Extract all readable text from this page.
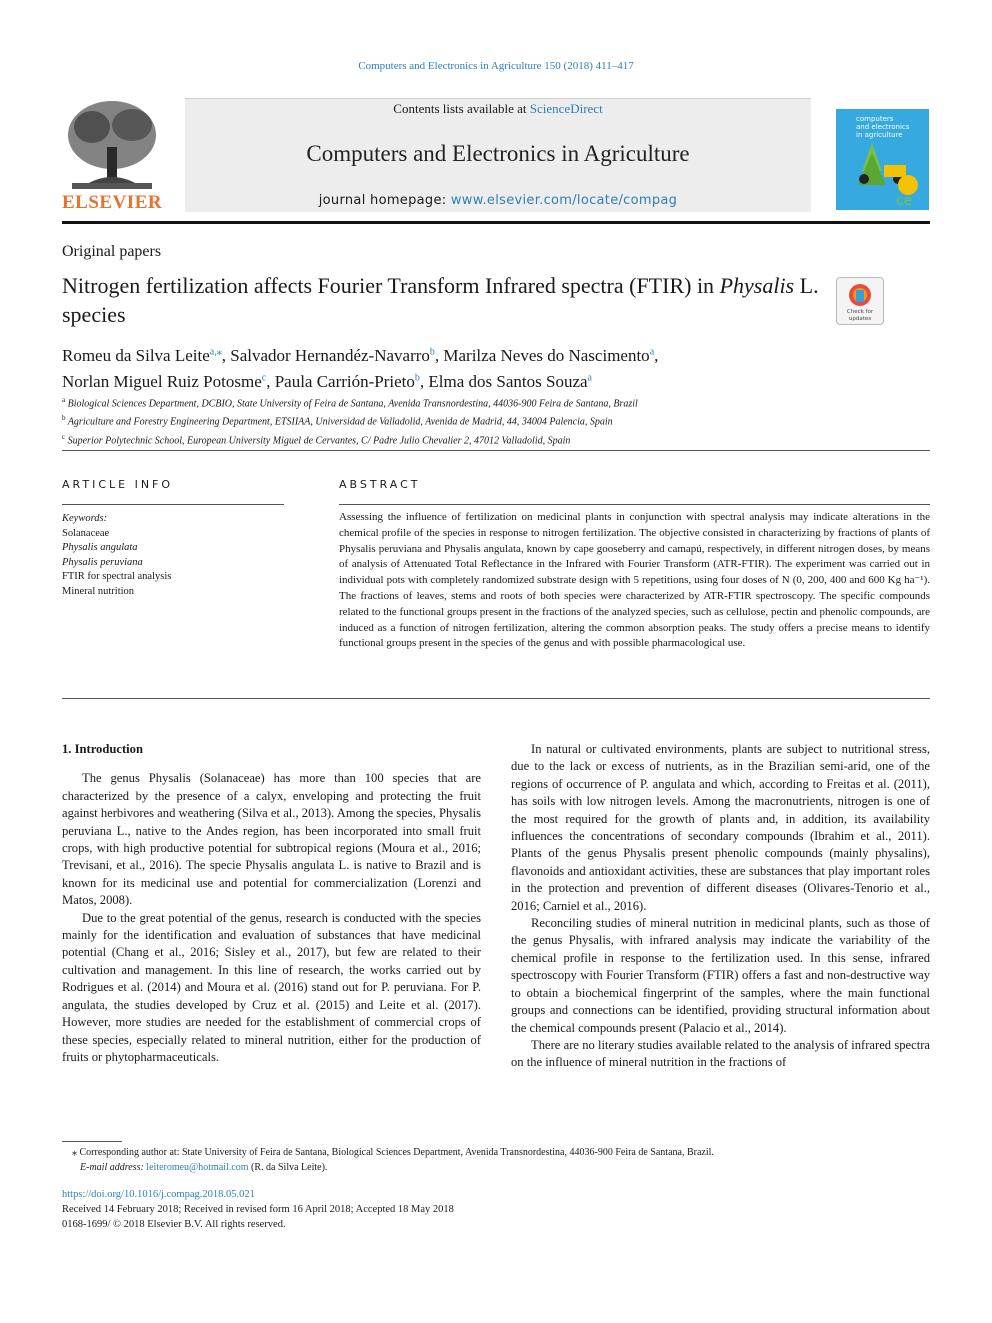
Computers and Electronics in Agriculture 150 (2018) 411–417
ELSEVIER
Contents lists available at ScienceDirect
Computers and Electronics in Agriculture
journal homepage: www.elsevier.com/locate/compag
computers
and electronics
in agriculture
ce
Original papers
Nitrogen fertilization affects Fourier Transform Infrared spectra (FTIR) in Physalis L. species	Check for
updates
Romeu da Silva Leite$^{a,⁎}$, Salvador Hernandéz-Navarro$^b$, Marilza Neves do Nascimento$^a$,
Norlan Miguel Ruiz Potosme$^c$, Paula Carrión-Prieto$^b$, Elma dos Santos Souza$^a$
$^a$ Biological Sciences Department, DCBIO, State University of Feira de Santana, Avenida Transnordestina, 44036-900 Feira de Santana, Brazil
$^b$ Agriculture and Forestry Engineering Department, ETSIIAA, Universidad de Valladolid, Avenida de Madrid, 44, 34004 Palencia, Spain
$^c$ Superior Polytechnic School, European University Miguel de Cervantes, C/ Padre Julio Chevalier 2, 47012 Valladolid, Spain
ARTICLE INFO
Keywords:
Solanaceae
Physalis angulata
Physalis peruviana
FTIR for spectral analysis
Mineral nutrition
ABSTRACT
Assessing the influence of fertilization on medicinal plants in conjunction with spectral analysis may indicate alterations in the chemical profile of the species in response to nitrogen fertilization. The objective consisted in characterizing by fractions of plants of Physalis peruviana and Physalis angulata, known by cape gooseberry and camapú, respectively, in different nitrogen doses, by means of analysis of Attenuated Total Reflectance in the Infrared with Fourier Transform (ATR-FTIR). The experiment was carried out in individual pots with completely randomized substrate design with 5 repetitions, using four doses of N (0, 200, 400 and 600 Kg ha⁻¹). The fractions of leaves, stems and roots of both species were characterized by ATR-FTIR spectroscopy. The specific compounds related to the functional groups present in the fractions of the analyzed species, such as cellulose, pectin and phenolic compounds, are induced as a function of nitrogen fertilization, altering the common absorption peaks. The study offers a precise means to identify functional groups present in the species of the genus and with possible pharmacological use.

1. Introduction

The genus Physalis (Solanaceae) has more than 100 species that are characterized by the presence of a calyx, enveloping and protecting the fruit against herbivores and weathering (Silva et al., 2013). Among the species, Physalis peruviana L., native to the Andes region, has been incorporated into small fruit crops, with high productive potential for subtropical regions (Moura et al., 2016; Trevisani, et al., 2016). The specie Physalis angulata L. is native to Brazil and is known for its medicinal use and potential for commercialization (Lorenzi and Matos, 2008).

Due to the great potential of the genus, research is conducted with the species mainly for the identification and evaluation of substances that have medicinal potential (Chang et al., 2016; Sisley et al., 2017), but few are related to their cultivation and management. In this line of research, the works carried out by Rodrigues et al. (2014) and Moura et al. (2016) stand out for P. peruviana. For P. angulata, the studies developed by Cruz et al. (2015) and Leite et al. (2017). However, more studies are needed for the establishment of commercial crops of these species, especially related to mineral nutrition, either for the production of fruits or phytopharmaceuticals.

In natural or cultivated environments, plants are subject to nutritional stress, due to the lack or excess of nutrients, as in the Brazilian semi-arid, one of the regions of occurrence of P. angulata and which, according to Freitas et al. (2011), has soils with low nitrogen levels. Among the macronutrients, nitrogen is one of the most required for the growth of plants and, in addition, its availability influences the concentrations of secondary compounds (Ibrahim et al., 2011). Plants of the genus Physalis present phenolic compounds (mainly physalins), flavonoids and antioxidant activities, these are substances that play important roles in the protection and prevention of different diseases (Olivares-Tenorio et al., 2016; Carniel et al., 2016).

Reconciling studies of mineral nutrition in medicinal plants, such as those of the genus Physalis, with infrared analysis may indicate the variability of the chemical profile in response to the fertilization used. In this sense, infrared spectroscopy with Fourier Transform (FTIR) offers a fast and non-destructive way to obtain a biochemical fingerprint of the samples, where the main functional groups and connections can be identified, providing structural information about the chemical compounds present (Palacio et al., 2014).

There are no literary studies available related to the analysis of infrared spectra on the influence of mineral nutrition in the fractions of

⁎ Corresponding author at: State University of Feira de Santana, Biological Sciences Department, Avenida Transnordestina, 44036-900 Feira de Santana, Brazil.
E-mail address: leiteromeu@hotmail.com (R. da Silva Leite).
https://doi.org/10.1016/j.compag.2018.05.021
Received 14 February 2018; Received in revised form 16 April 2018; Accepted 18 May 2018
0168-1699/ © 2018 Elsevier B.V. All rights reserved.
